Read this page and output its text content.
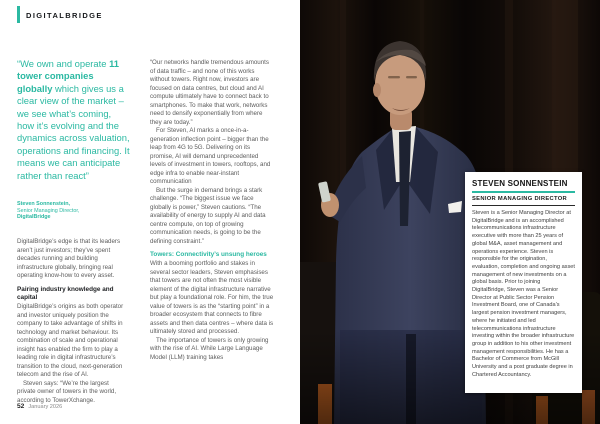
DIGITALBRIDGE
“We own and operate 11 tower companies globally which gives us a clear view of the market – we see what’s coming, how it’s evolving and the dynamics across valuation, operations and financing. It means we can anticipate rather than react”
Steven Sonnenstein,
Senior Managing Director,
DigitalBridge

DigitalBridge’s edge is that its leaders aren’t just investors; they’ve spent decades running and building infrastructure globally, bringing real operating know-how to every asset.

Pairing industry knowledge and capital

DigitalBridge’s origins as both operator and investor uniquely position the company to take advantage of shifts in technology and market behaviour. Its combination of scale and operational insight has enabled the firm to play a leading role in digital infrastructure’s transition to the cloud, next-generation telecom and the rise of AI.

Steven says: “We’re the largest private owner of towers in the world, according to TowerXchange.

“Our networks handle tremendous amounts of data traffic – and none of this works without towers. Right now, investors are focused on data centres, but cloud and AI compute ultimately have to connect back to smartphones. To make that work, networks need to densify exponentially from where they are today.”

For Steven, AI marks a once-in-a-generation inflection point – bigger than the leap from 4G to 5G. Delivering on its promise, AI will demand unprecedented levels of investment in towers, rooftops, and edge infra to enable near-instant communication

But the surge in demand brings a stark challenge. “The biggest issue we face globally is power,” Steven cautions. “The availability of energy to supply AI and data centre compute, on top of growing communication needs, is going to be the defining constraint.”

Towers: Connectivity’s unsung heroes

With a booming portfolio and stakes in several sector leaders, Steven emphasises that towers are not often the most visible element of the digital infrastructure narrative but play a foundational role. For him, the true value of towers is as the “starting point” in a broader ecosystem that connects to fibre assets and then data centres – where data is ultimately stored and processed.

The importance of towers is only growing with the rise of AI. While Large Language Model (LLM) training takes

52 January 2026
STEVEN SONNENSTEIN
SENIOR MANAGING DIRECTOR
Steven is a Senior Managing Director at DigitalBridge and is an accomplished telecommunications infrastructure executive with more than 25 years of global M&A, asset management and operations experience. Steven is responsible for the origination, evaluation, completion and ongoing asset management of new investments on a global basis. Prior to joining DigitalBridge, Steven was a Senior Director at Public Sector Pension Investment Board, one of Canada’s largest pension investment managers, where he initiated and led telecommunications infrastructure investing within the broader infrastructure group in addition to his other investment management responsibilities. He has a Bachelor of Commerce from McGill University and a post graduate degree in Chartered Accountancy.
